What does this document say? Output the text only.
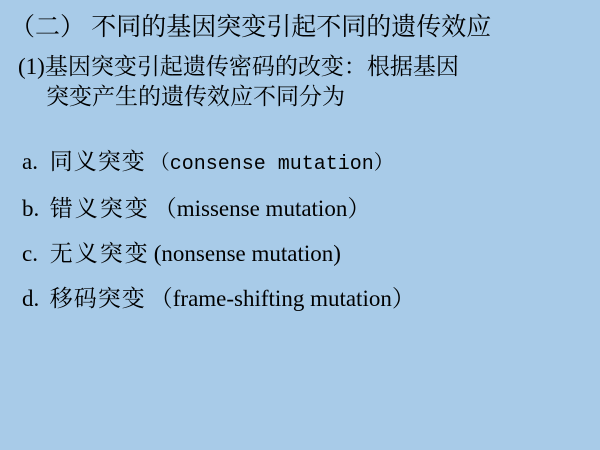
（二） 不同的基因突变引起不同的遗传效应
(1)基因突变引起遗传密码的改变：根据基因
突变产生的遗传效应不同分为
a. 同义突变 （consense mutation）
b. 错义突变 （missense mutation）
c. 无义突变 (nonsense mutation)
d. 移码突变 （frame-shifting mutation）
